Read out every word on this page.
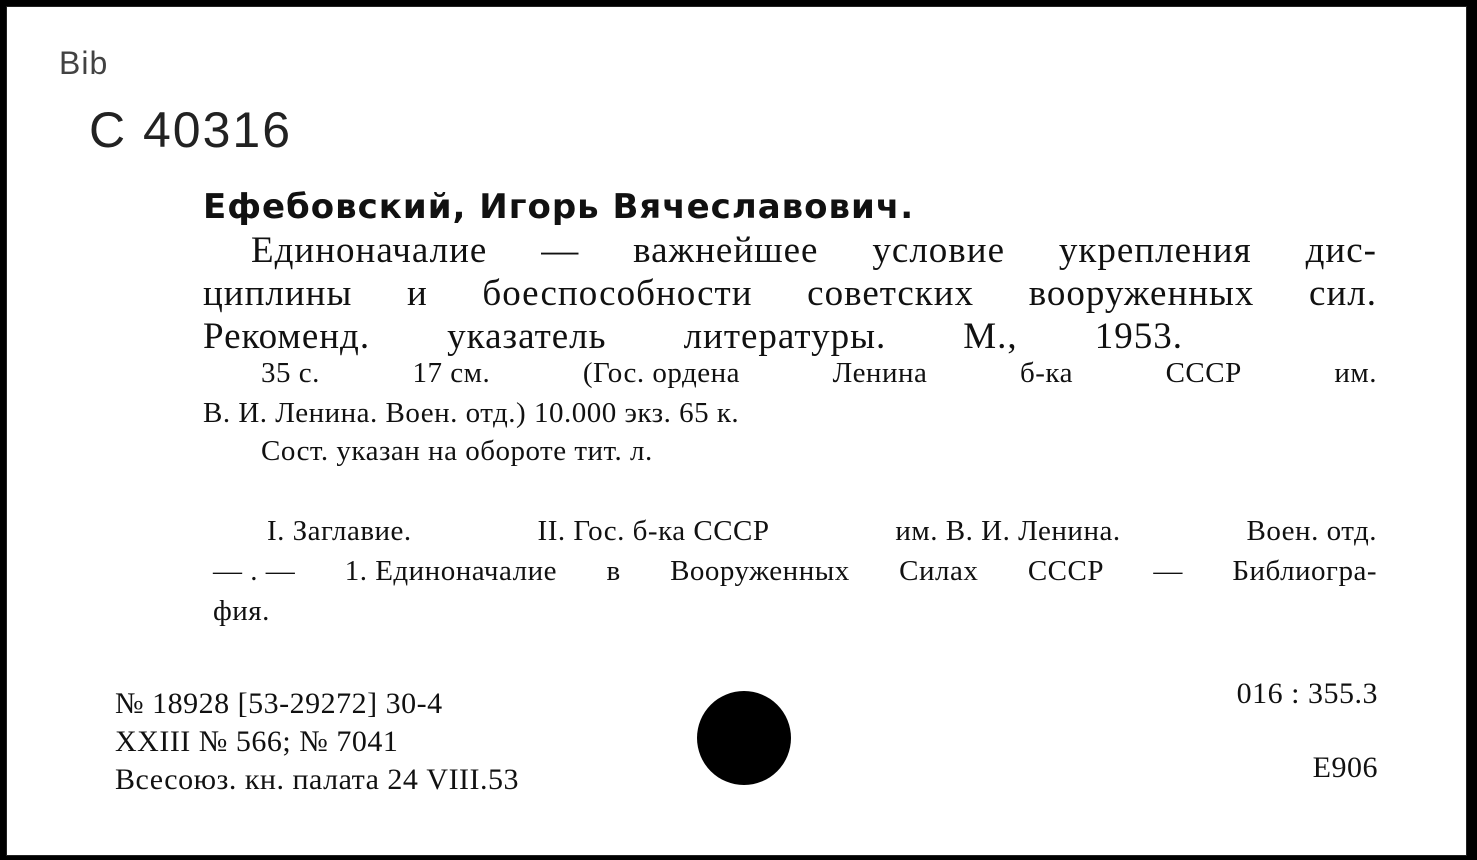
Bib
С 40316
Ефебовский, Игорь Вячеславович.
Единоначалие — важнейшее условие укрепления дис-
циплины и боеспособности советских вооруженных сил.
Рекоменд. указатель литературы. М., 1953.
35 с.	17 см.	(Гос. ордена	Ленина	б-ка	СССР	им.
В. И. Ленина. Воен. отд.) 10.000 экз. 65 к.
Сост. указан на обороте тит. л.
I. Заглавие.	II. Гос. б-ка СССР	им. В. И. Ленина.	Воен. отд.
— . — 1. Единоначалие в Вооруженных Силах СССР — Библиогра-
фия.
№ 18928 [53-29272] 30-4
XXIII № 566; № 7041
Всесоюз. кн. палата 24 VIII.53
016 : 355.3
Е906
